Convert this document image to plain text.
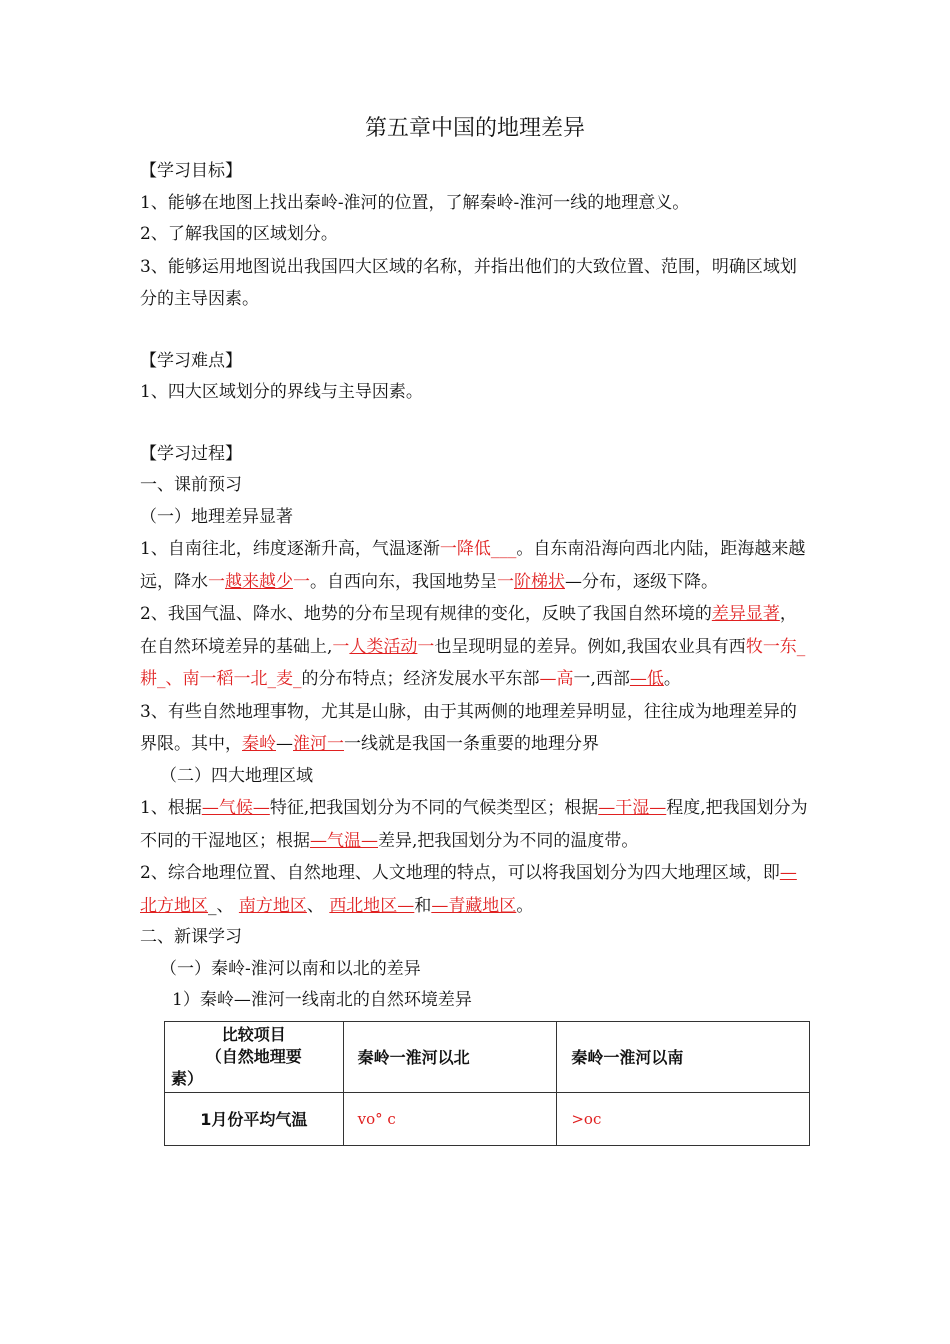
第五章中国的地理差异
【学习目标】
1、能够在地图上找出秦岭-淮河的位置，了解秦岭-淮河一线的地理意义。
2、了解我国的区域划分。
3、能够运用地图说出我国四大区域的名称，并指出他们的大致位置、范围，明确区域划分的主导因素。
【学习难点】
1、四大区域划分的界线与主导因素。
【学习过程】
一、课前预习
（一）地理差异显著
1、自南往北，纬度逐渐升高，气温逐渐一降低___。自东南沿海向西北内陆，距海越来越远，降水一越来越少一。自西向东，我国地势呈一阶梯状—分布，逐级下降。
2、我国气温、降水、地势的分布呈现有规律的变化，反映了我国自然环境的差异显著，在自然环境差异的基础上,一人类活动一也呈现明显的差异。例如,我国农业具有西牧一东_耕_、南一稻一北_麦_的分布特点；经济发展水平东部—高一,西部—低。
3、有些自然地理事物，尤其是山脉，由于其两侧的地理差异明显，往往成为地理差异的界限。其中，秦岭—淮河一一线就是我国一条重要的地理分界
（二）四大地理区域
1、根据—气候—特征,把我国划分为不同的气候类型区；根据—干湿—程度,把我国划分为不同的干湿地区；根据—气温—差异,把我国划分为不同的温度带。
2、综合地理位置、自然地理、人文地理的特点，可以将我国划分为四大地理区域，即—北方地区_、 南方地区、 西北地区—和—青藏地区。
二、新课学习
（一）秦岭-淮河以南和以北的差异
1）秦岭—淮河一线南北的自然环境差异
比较项目
（自然地理要
素）	秦岭一淮河以北	秦岭一淮河以南
1月份平均气温	vo° c	>oc
